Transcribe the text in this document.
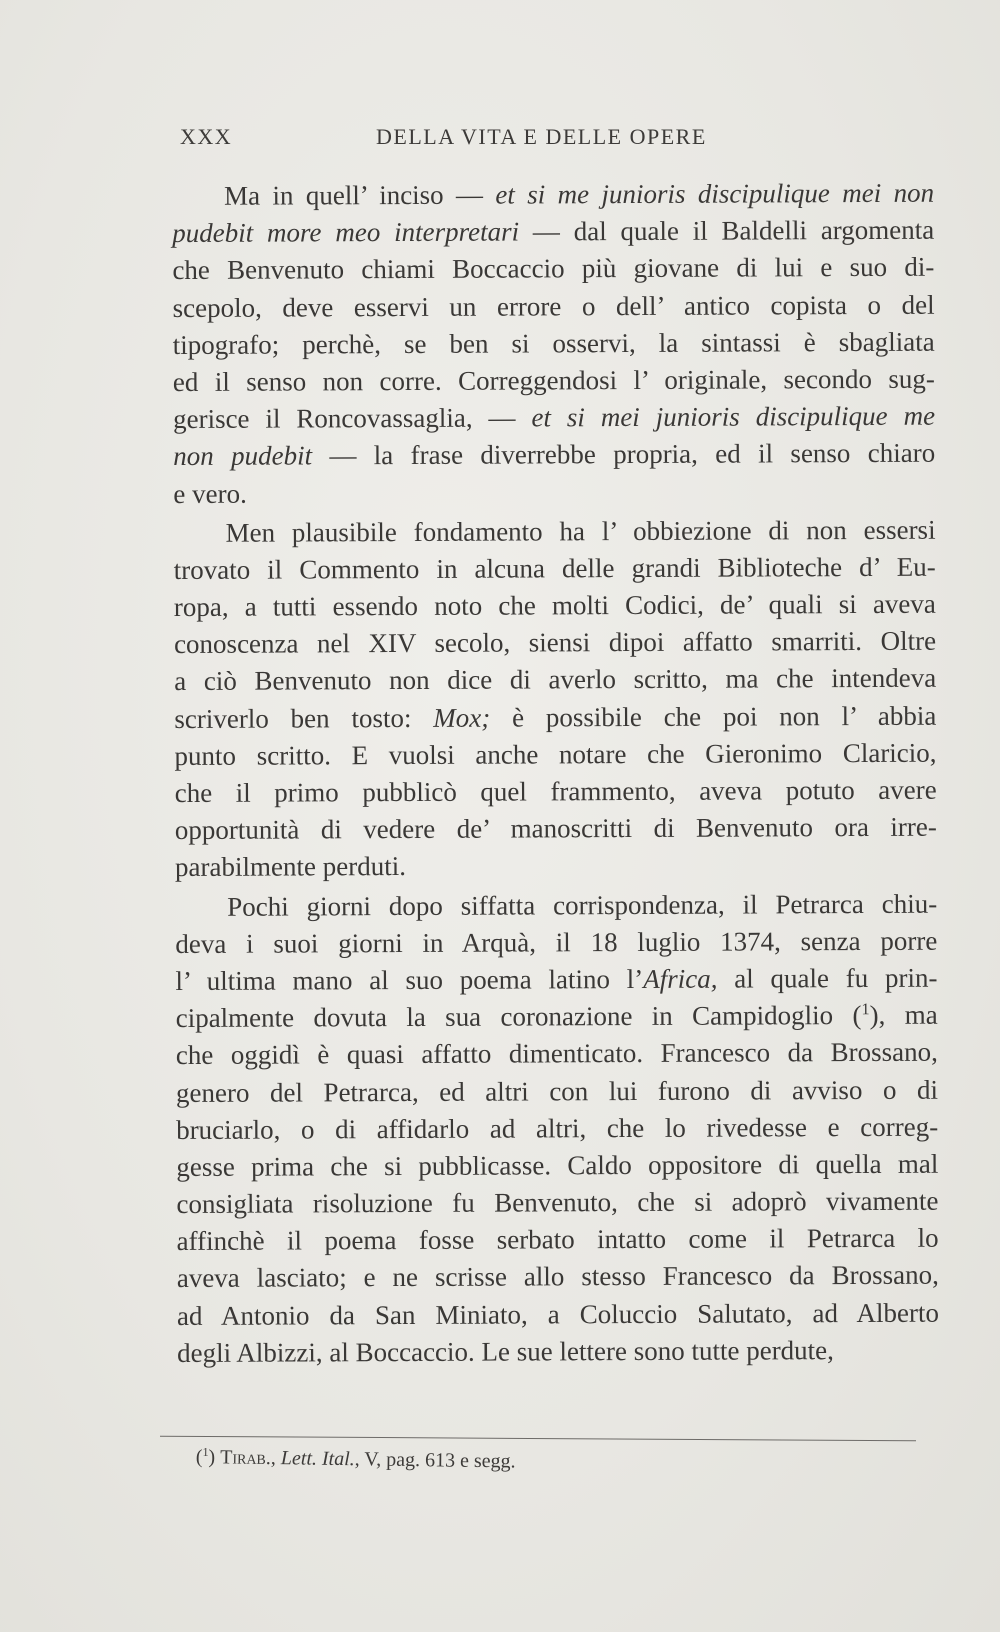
XXX	DELLA VITA E DELLE OPERE
Ma in quell’ inciso — et si me junioris discipulique mei non
pudebit more meo interpretari — dal quale il Baldelli argomenta
che Benvenuto chiami Boccaccio più giovane di lui e suo di-
scepolo, deve esservi un errore o dell’ antico copista o del
tipografo; perchè, se ben si osservi, la sintassi è sbagliata
ed il senso non corre. Correggendosi l’ originale, secondo sug-
gerisce il Roncovassaglia, — et si mei junioris discipulique me
non pudebit — la frase diverrebbe propria, ed il senso chiaro
e vero.
Men plausibile fondamento ha l’ obbiezione di non essersi
trovato il Commento in alcuna delle grandi Biblioteche d’ Eu-
ropa, a tutti essendo noto che molti Codici, de’ quali si aveva
conoscenza nel XIV secolo, siensi dipoi affatto smarriti. Oltre
a ciò Benvenuto non dice di averlo scritto, ma che intendeva
scriverlo ben tosto: Mox; è possibile che poi non l’ abbia
punto scritto. E vuolsi anche notare che Gieronimo Claricio,
che il primo pubblicò quel frammento, aveva potuto avere
opportunità di vedere de’ manoscritti di Benvenuto ora irre-
parabilmente perduti.
Pochi giorni dopo siffatta corrispondenza, il Petrarca chiu-
deva i suoi giorni in Arquà, il 18 luglio 1374, senza porre
l’ ultima mano al suo poema latino l’Africa, al quale fu prin-
cipalmente dovuta la sua coronazione in Campidoglio ($^1$), ma
che oggidì è quasi affatto dimenticato. Francesco da Brossano,
genero del Petrarca, ed altri con lui furono di avviso o di
bruciarlo, o di affidarlo ad altri, che lo rivedesse e correg-
gesse prima che si pubblicasse. Caldo oppositore di quella mal
consigliata risoluzione fu Benvenuto, che si adoprò vivamente
affinchè il poema fosse serbato intatto come il Petrarca lo
aveva lasciato; e ne scrisse allo stesso Francesco da Brossano,
ad Antonio da San Miniato, a Coluccio Salutato, ad Alberto
degli Albizzi, al Boccaccio. Le sue lettere sono tutte perdute,
($^1$) Tirab., Lett. Ital., V, pag. 613 e segg.
